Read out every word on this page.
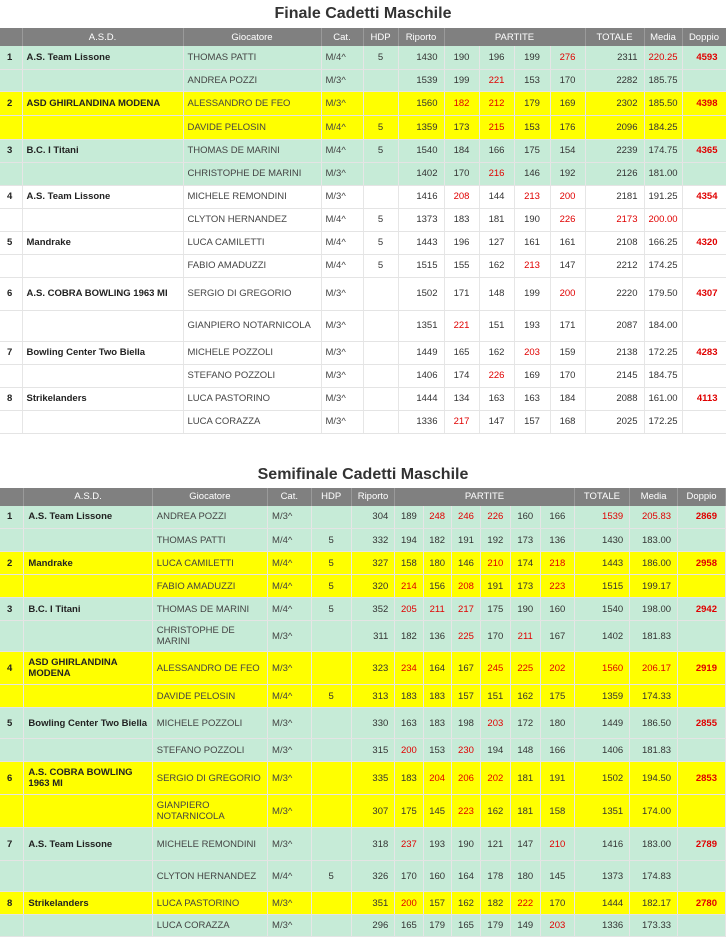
Finale Cadetti Maschile
	A.S.D.	Giocatore	Cat.	HDP	Riporto	PARTITE				TOTALE	Media	Doppio
1	A.S. Team Lissone	THOMAS PATTI	M/4^	5	1430	190	196	199	276	2311	220.25	4593
		ANDREA POZZI	M/3^		1539	199	221	153	170	2282	185.75	
2	ASD GHIRLANDINA MODENA	ALESSANDRO DE FEO	M/3^		1560	182	212	179	169	2302	185.50	4398
		DAVIDE PELOSIN	M/4^	5	1359	173	215	153	176	2096	184.25	
3	B.C. I Titani	THOMAS DE MARINI	M/4^	5	1540	184	166	175	154	2239	174.75	4365
		CHRISTOPHE DE MARINI	M/3^		1402	170	216	146	192	2126	181.00	
4	A.S. Team Lissone	MICHELE REMONDINI	M/3^		1416	208	144	213	200	2181	191.25	4354
		CLYTON HERNANDEZ	M/4^	5	1373	183	181	190	226	2173	200.00	
5	Mandrake	LUCA CAMILETTI	M/4^	5	1443	196	127	161	161	2108	166.25	4320
		FABIO AMADUZZI	M/4^	5	1515	155	162	213	147	2212	174.25	
6	A.S. COBRA BOWLING 1963 MI	SERGIO DI GREGORIO	M/3^		1502	171	148	199	200	2220	179.50	4307
		GIANPIERO NOTARNICOLA	M/3^		1351	221	151	193	171	2087	184.00	
7	Bowling Center Two Biella	MICHELE POZZOLI	M/3^		1449	165	162	203	159	2138	172.25	4283
		STEFANO POZZOLI	M/3^		1406	174	226	169	170	2145	184.75	
8	Strikelanders	LUCA PASTORINO	M/3^		1444	134	163	163	184	2088	161.00	4113
		LUCA CORAZZA	M/3^		1336	217	147	157	168	2025	172.25	
Semifinale Cadetti Maschile
	A.S.D.	Giocatore	Cat.	HDP	Riporto	PARTITE						TOTALE	Media	Doppio
1	A.S. Team Lissone	ANDREA POZZI	M/3^		304	189	248	246	226	160	166	1539	205.83	2869
		THOMAS PATTI	M/4^	5	332	194	182	191	192	173	136	1430	183.00	
2	Mandrake	LUCA CAMILETTI	M/4^	5	327	158	180	146	210	174	218	1443	186.00	2958
		FABIO AMADUZZI	M/4^	5	320	214	156	208	191	173	223	1515	199.17	
3	B.C. I Titani	THOMAS DE MARINI	M/4^	5	352	205	211	217	175	190	160	1540	198.00	2942
		CHRISTOPHE DE MARINI	M/3^		311	182	136	225	170	211	167	1402	181.83	
4	ASD GHIRLANDINA MODENA	ALESSANDRO DE FEO	M/3^		323	234	164	167	245	225	202	1560	206.17	2919
		DAVIDE PELOSIN	M/4^	5	313	183	183	157	151	162	175	1359	174.33	
5	Bowling Center Two Biella	MICHELE POZZOLI	M/3^		330	163	183	198	203	172	180	1449	186.50	2855
		STEFANO POZZOLI	M/3^		315	200	153	230	194	148	166	1406	181.83	
6	A.S. COBRA BOWLING 1963 MI	SERGIO DI GREGORIO	M/3^		335	183	204	206	202	181	191	1502	194.50	2853
		GIANPIERO NOTARNICOLA	M/3^		307	175	145	223	162	181	158	1351	174.00	
7	A.S. Team Lissone	MICHELE REMONDINI	M/3^		318	237	193	190	121	147	210	1416	183.00	2789
		CLYTON HERNANDEZ	M/4^	5	326	170	160	164	178	180	145	1373	174.83	
8	Strikelanders	LUCA PASTORINO	M/3^		351	200	157	162	182	222	170	1444	182.17	2780
		LUCA CORAZZA	M/3^		296	165	179	165	179	149	203	1336	173.33	
